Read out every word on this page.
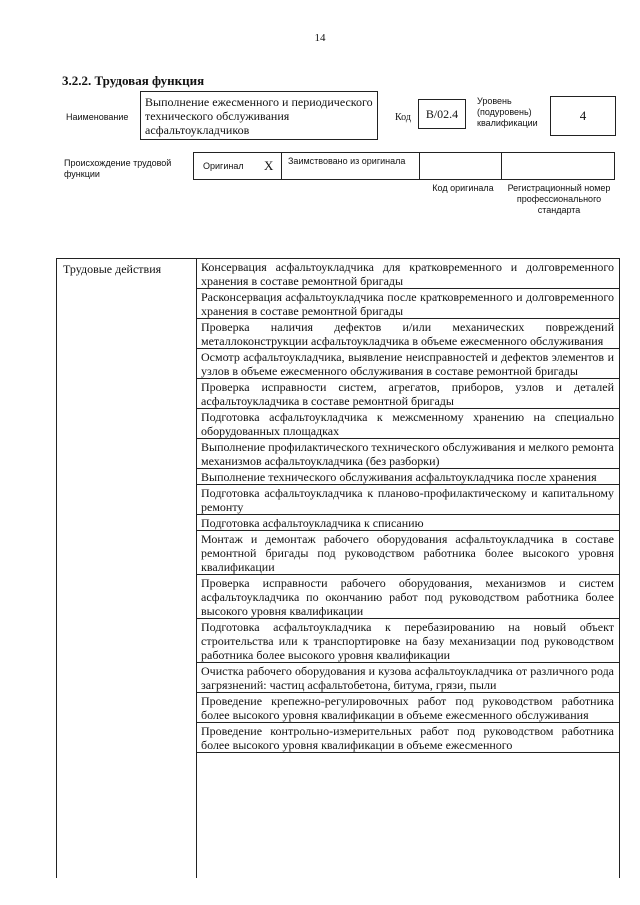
14
3.2.2. Трудовая функция
Наименование
Выполнение ежесменного и периодического технического обслуживания асфальтоукладчиков
Код	B/02.4
Уровень (подуровень) квалификации	4
Происхождение трудовой функции
Оригинал X Заимствовано из оригинала
Код оригинала	Регистрационный номер профессионального стандарта
Трудовые действия	Консервация асфальтоукладчика для кратковременного и долговременного хранения в составе ремонтной бригады
Расконсервация асфальтоукладчика после кратковременного и долговременного хранения в составе ремонтной бригады
Проверка наличия дефектов и/или механических повреждений металлоконструкции асфальтоукладчика в объеме ежесменного обслуживания
Осмотр асфальтоукладчика, выявление неисправностей и дефектов элементов и узлов в объеме ежесменного обслуживания в составе ремонтной бригады
Проверка исправности систем, агрегатов, приборов, узлов и деталей асфальтоукладчика в составе ремонтной бригады
Подготовка асфальтоукладчика к межсменному хранению на специально оборудованных площадках
Выполнение профилактического технического обслуживания и мелкого ремонта механизмов асфальтоукладчика (без разборки)
Выполнение технического обслуживания асфальтоукладчика после хранения
Подготовка асфальтоукладчика к планово-профилактическому и капитальному ремонту
Подготовка асфальтоукладчика к списанию
Монтаж и демонтаж рабочего оборудования асфальтоукладчика в составе ремонтной бригады под руководством работника более высокого уровня квалификации
Проверка исправности рабочего оборудования, механизмов и систем асфальтоукладчика по окончанию работ под руководством работника более высокого уровня квалификации
Подготовка асфальтоукладчика к перебазированию на новый объект строительства или к транспортировке на базу механизации под руководством работника более высокого уровня квалификации
Очистка рабочего оборудования и кузова асфальтоукладчика от различного рода загрязнений: частиц асфальтобетона, битума, грязи, пыли
Проведение крепежно-регулировочных работ под руководством работника более высокого уровня квалификации в объеме ежесменного обслуживания
Проведение контрольно-измерительных работ под руководством работника более высокого уровня квалификации в объеме ежесменного
